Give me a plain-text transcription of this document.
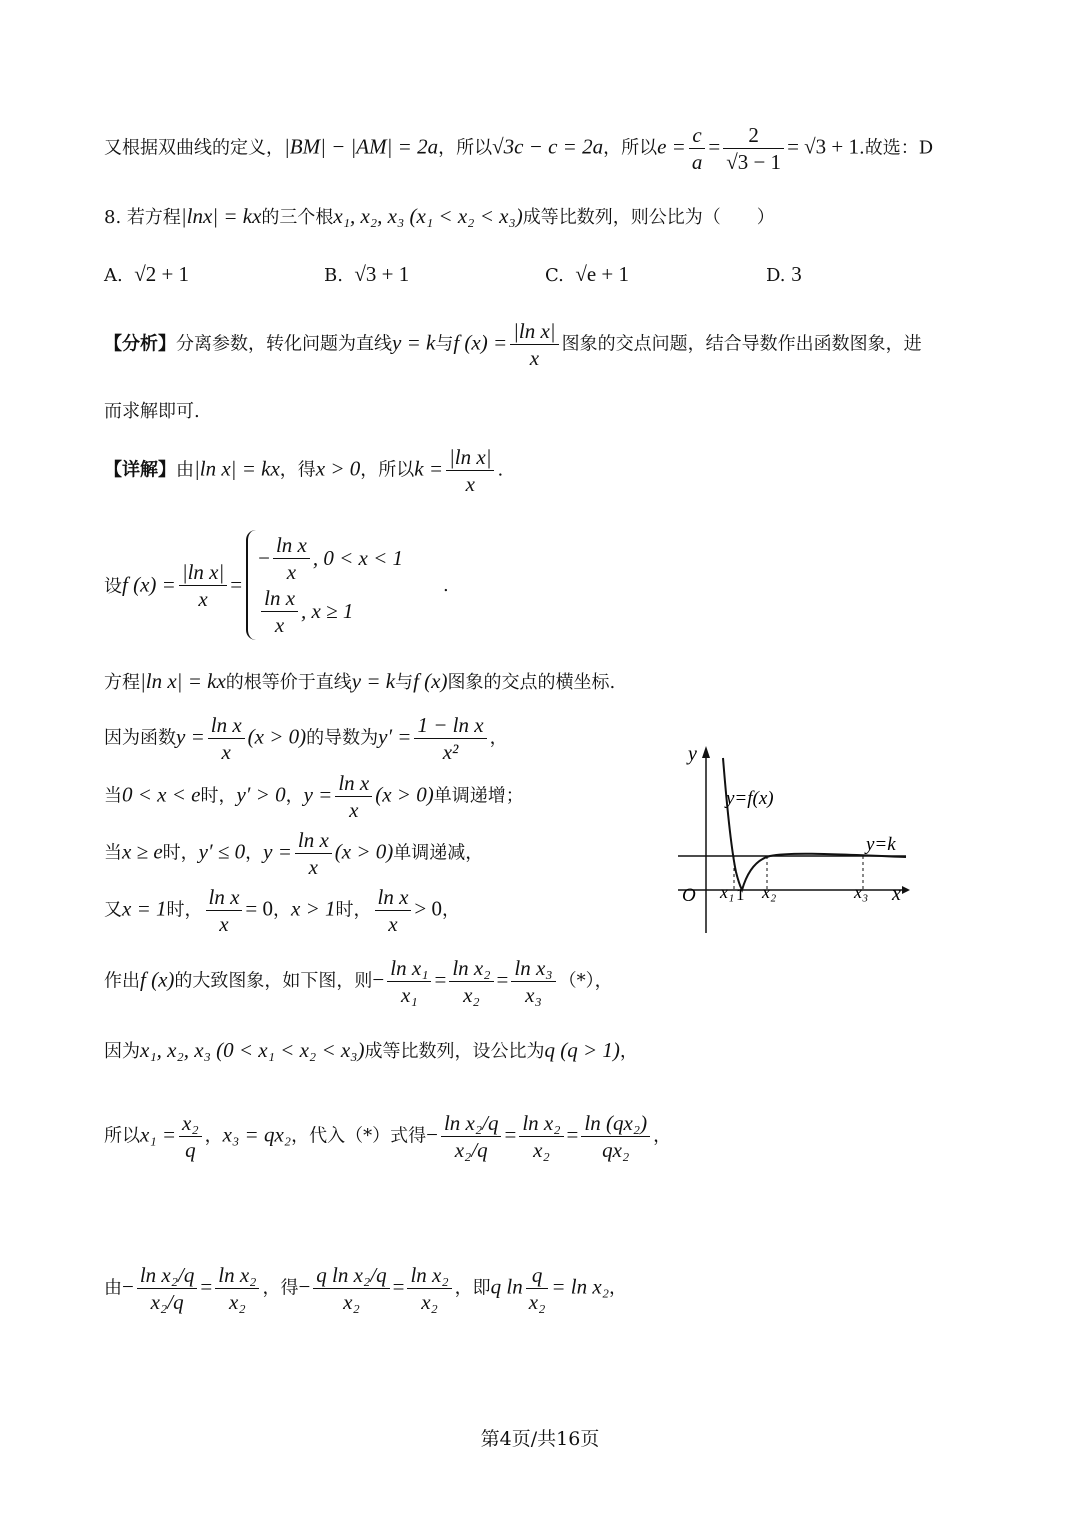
又根据双曲线的定义，|BM| − |AM| = 2a，所以√3c − c = 2a，所以$e = \frac{c}{a} = \frac{2}{√3 - 1} = √3 + 1$.故选：D
8. 若方程|lnx| = kx的三个根x₁, x₂, x₃ (x₁ < x₂ < x₃)成等比数列，则公比为（　　）
A. √2 + 1	B. √3 + 1	C. √e + 1	D. 3
【分析】分离参数，转化问题为直线y = k与f $(x) = \frac{\text{|ln x|}}{x}$ 图象的交点问题，结合导数作出函数图象，进
而求解即可.
【详解】由|ln x| = kx，得x > 0，所以$k = \frac{\text{|ln x|}}{x}$ .
设f $(x) = \frac{\text{|ln x|}}{x}$ =
− $\frac{\text{ln x}}{x}$ , 0 < x < 1
$\frac{\text{ln x}}{x}$ , x ≥ 1
.
方程|ln x| = kx的根等价于直线y = k与f (x)图象的交点的横坐标.
因为函数$y = \frac{\text{ln x}}{x} (x > 0)$的导数为$y' = \frac{\text{1 − ln x}}{\text{x²}}$ ，
当0 < x < e时，y′ > 0，$y = \frac{\text{ln x}}{x} (x > 0)$单调递增；
当x ≥ e时，y′ ≤ 0，$y = \frac{\text{ln x}}{x} (x > 0)$单调递减，
又x = 1时， $\frac{\text{ln x}}{x} = 0$，x > 1时， $\frac{\text{ln x}}{x} > 0$，
y
x
O
y=f(x)
y=k
x₁ 1 x₂	x₃
作出f (x)的大致图象，如下图，则− $\frac{\text{ln x₁}}{\text{x₁}} = \frac{\text{ln x₂}}{\text{x₂}} = \frac{\text{ln x₃}}{\text{x₃}}$ （*），
因为x₁, x₂, x₃ (0 < x₁ < x₂ < x₃)成等比数列，设公比为q (q > 1)，
所以$x_1 = \frac{\text{x₂}}{q}$ ，x₃ = qx₂，代入（*）式得− $\frac{\text{ln x₂/q}}{\text{x₂/q}} = \frac{\text{ln x₂}}{\text{x₂}} = \frac{\text{ln (qx₂)}}{\text{qx₂}}$ ，
由− $\frac{\text{ln x₂/q}}{\text{x₂/q}} = \frac{\text{ln x₂}}{\text{x₂}}$ ，得− $\frac{\text{q ln x₂/q}}{\text{x₂}} = \frac{\text{ln x₂}}{\text{x₂}}$ ，即q $\ln \frac{q}{\text{x₂}} = \ln x_2$，
第4页/共16页
